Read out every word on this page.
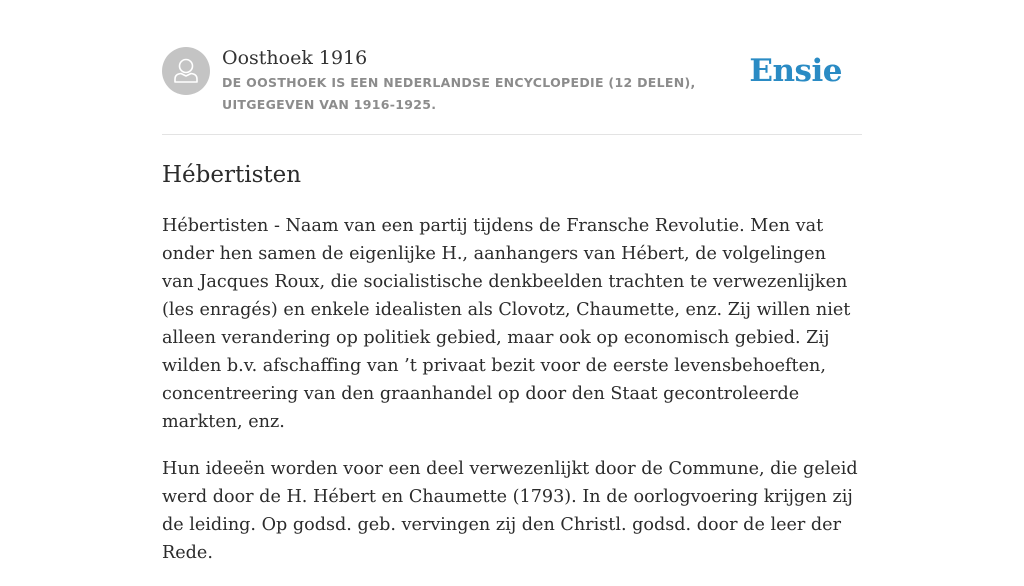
Oosthoek 1916
DE OOSTHOEK IS EEN NEDERLANDSE ENCYCLOPEDIE (12 DELEN), UITGEGEVEN VAN 1916-1925.
Ensie
Hébertisten

Hébertisten - Naam van een partij tijdens de Fransche Revolutie. Men vat onder hen samen de eigenlijke H., aanhangers van Hébert, de volgelingen van Jacques Roux, die socialistische denkbeelden trachten te verwezenlijken (les enragés) en enkele idealisten als Clovotz, Chaumette, enz. Zij willen niet alleen verandering op politiek gebied, maar ook op economisch gebied. Zij wilden b.v. afschaffing van ’t privaat bezit voor de eerste levensbehoeften, concentreering van den graanhandel op door den Staat gecontroleerde markten, enz.

Hun ideeën worden voor een deel verwezenlijkt door de Commune, die geleid werd door de H. Hébert en Chaumette (1793). In de oorlogvoering krijgen zij de leiding. Op godsd. geb. vervingen zij den Christl. godsd. door de leer der Rede.
